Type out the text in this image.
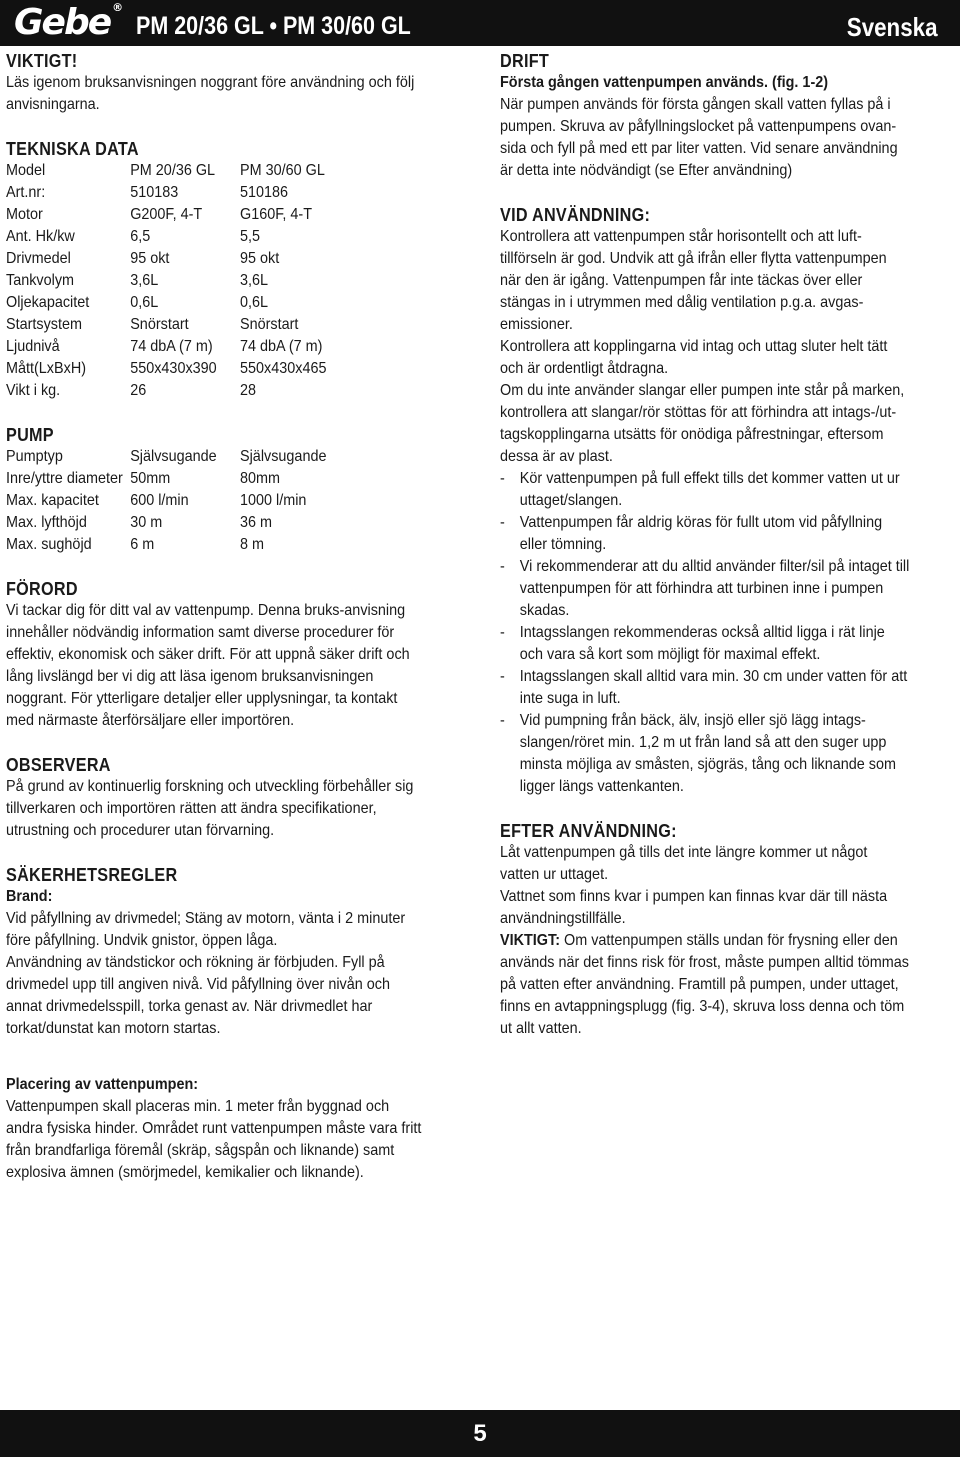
Gebe ®
PM 20/36 GL • PM 30/60 GL	Svenska

VIKTIGT!

Läs igenom bruksanvisningen noggrant före användning och följ anvisningarna.

TEKNISKA DATA

Model	PM 20/36 GL	PM 30/60 GL
Art.nr:	510183	510186
Motor	G200F, 4-T	G160F, 4-T
Ant. Hk/kw	6,5	5,5
Drivmedel	95 okt	95 okt
Tankvolym	3,6L	3,6L
Oljekapacitet	0,6L	0,6L
Startsystem	Snörstart	Snörstart
Ljudnivå	74 dbA (7 m)	74 dbA (7 m)
Mått(LxBxH)	550x430x390	550x430x465
Vikt i kg.	26	28

PUMP

Pumptyp	Självsugande	Självsugande
Inre/yttre diameter	50mm	80mm
Max. kapacitet	600 l/min	1000 l/min
Max. lyfthöjd	30 m	36 m
Max. sughöjd	6 m	8 m

FÖRORD

Vi tackar dig för ditt val av vattenpump. Denna bruks-anvisning innehåller nödvändig information samt diverse procedurer för effektiv, ekonomisk och säker drift. För att uppnå säker drift och lång livslängd ber vi dig att läsa igenom bruksanvisningen noggrant. För ytterligare detaljer eller upplysningar, ta kontakt med närmaste återförsäljare eller importören.

OBSERVERA

På grund av kontinuerlig forskning och utveckling förbehåller sig tillverkaren och importören rätten att ändra specifikationer, utrustning och procedurer utan förvarning.

SÄKERHETSREGLER

Brand:

Vid påfyllning av drivmedel; Stäng av motorn, vänta i 2 minuter före påfyllning. Undvik gnistor, öppen låga.

Användning av tändstickor och rökning är förbjuden. Fyll på drivmedel upp till angiven nivå. Vid påfyllning över nivån och annat drivmedelsspill, torka genast av. När drivmedlet har torkat/dunstat kan motorn startas.

Placering av vattenpumpen:

Vattenpumpen skall placeras min. 1 meter från byggnad och andra fysiska hinder. Området runt vattenpumpen måste vara fritt från brandfarliga föremål (skräp, sågspån och liknande) samt explosiva ämnen (smörjmedel, kemikalier och liknande).

DRIFT

Första gången vattenpumpen används. (fig. 1-2)

När pumpen används för första gången skall vatten fyllas på i pumpen. Skruva av påfyllningslocket på vattenpumpens ovan-sida och fyll på med ett par liter vatten. Vid senare användning är detta inte nödvändigt (se Efter användning)

VID ANVÄNDNING:

Kontrollera att vattenpumpen står horisontellt och att luft-tillförseln är god. Undvik att gå ifrån eller flytta vattenpumpen när den är igång. Vattenpumpen får inte täckas över eller stängas in i utrymmen med dålig ventilation p.g.a. avgas-emissioner.

Kontrollera att kopplingarna vid intag och uttag sluter helt tätt och är ordentligt åtdragna.

Om du inte använder slangar eller pumpen inte står på marken, kontrollera att slangar/rör stöttas för att förhindra att intags-/ut-tagskopplingarna utsätts för onödiga påfrestningar, eftersom dessa är av plast.

- Kör vattenpumpen på full effekt tills det kommer vatten ut ur uttaget/slangen.
- Vattenpumpen får aldrig köras för fullt utom vid påfyllning eller tömning.
- Vi rekommenderar att du alltid använder filter/sil på intaget till vattenpumpen för att förhindra att turbinen inne i pumpen skadas.
- Intagsslangen rekommenderas också alltid ligga i rät linje och vara så kort som möjligt för maximal effekt.
- Intagsslangen skall alltid vara min. 30 cm under vatten för att inte suga in luft.
- Vid pumpning från bäck, älv, insjö eller sjö lägg intags-slangen/röret min. 1,2 m ut från land så att den suger upp minsta möjliga av småsten, sjögräs, tång och liknande som ligger längs vattenkanten.

EFTER ANVÄNDNING:

Låt vattenpumpen gå tills det inte längre kommer ut något vatten ur uttaget.

Vattnet som finns kvar i pumpen kan finnas kvar där till nästa användningstillfälle.

VIKTIGT: Om vattenpumpen ställs undan för frysning eller den används när det finns risk för frost, måste pumpen alltid tömmas på vatten efter användning. Framtill på pumpen, under uttaget, finns en avtappningsplugg (fig. 3-4), skruva loss denna och töm ut allt vatten.

5
